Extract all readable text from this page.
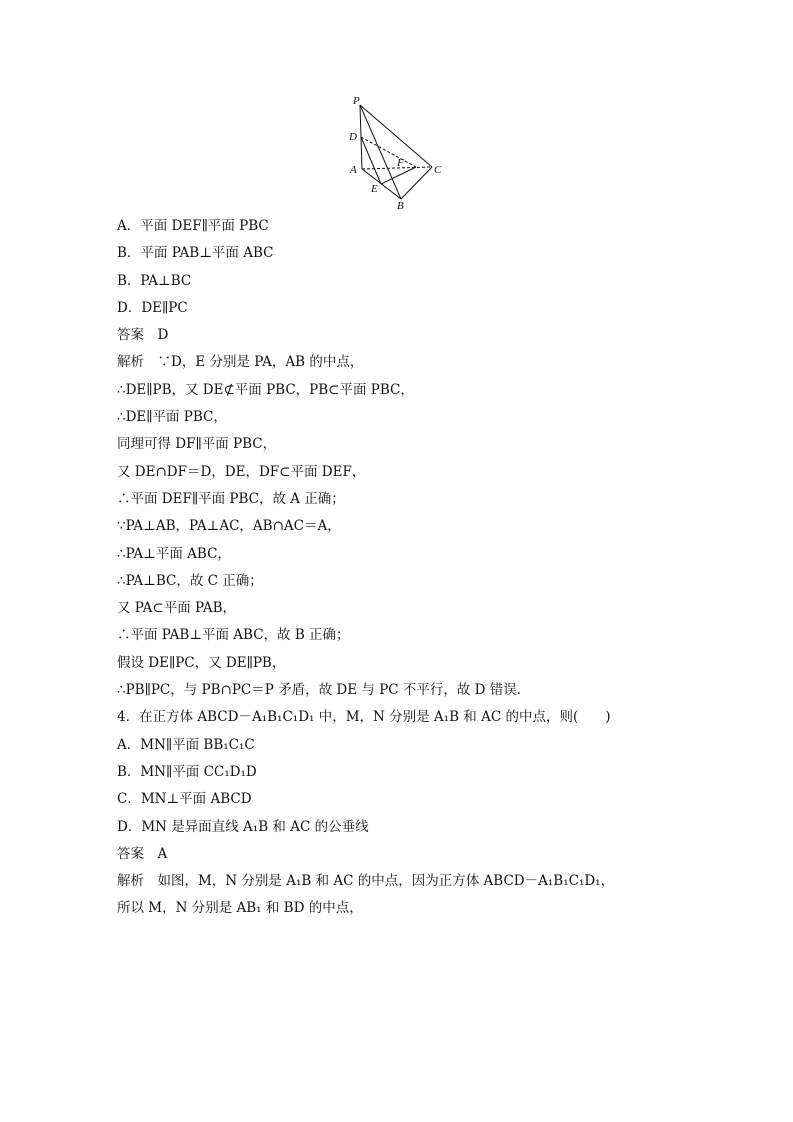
P
D
A
F
C
E
B
A．平面 DEF∥平面 PBC
B．平面 PAB⊥平面 ABC
B．PA⊥BC
D．DE∥PC
答案　D
解析　∵D，E 分别是 PA，AB 的中点，
∴DE∥PB，又 DE⊄平面 PBC，PB⊂平面 PBC，
∴DE∥平面 PBC，
同理可得 DF∥平面 PBC，
又 DE∩DF＝D，DE，DF⊂平面 DEF，
∴平面 DEF∥平面 PBC，故 A 正确；
∵PA⊥AB，PA⊥AC，AB∩AC＝A，
∴PA⊥平面 ABC，
∴PA⊥BC，故 C 正确；
又 PA⊂平面 PAB，
∴平面 PAB⊥平面 ABC，故 B 正确；
假设 DE∥PC，又 DE∥PB，
∴PB∥PC，与 PB∩PC＝P 矛盾，故 DE 与 PC 不平行，故 D 错误．
4．在正方体 ABCD－A₁B₁C₁D₁ 中，M，N 分别是 A₁B 和 AC 的中点，则(　　)
A．MN∥平面 BB₁C₁C
B．MN∥平面 CC₁D₁D
C．MN⊥平面 ABCD
D．MN 是异面直线 A₁B 和 AC 的公垂线
答案　A
解析　如图，M，N 分别是 A₁B 和 AC 的中点，因为正方体 ABCD－A₁B₁C₁D₁，
所以 M，N 分别是 AB₁ 和 BD 的中点，
